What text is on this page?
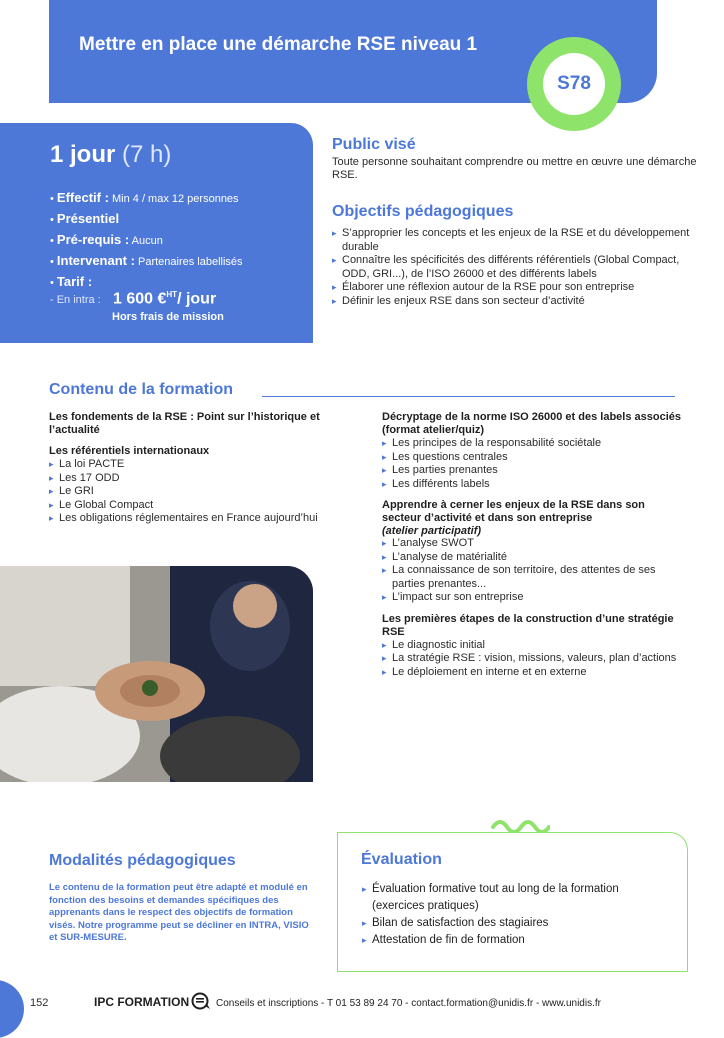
Mettre en place une démarche RSE niveau 1
S78
1 jour (7 h)
• Effectif : Min 4 / max 12 personnes
• Présentiel
• Pré-requis : Aucun
• Intervenant : Partenaires labellisés
• Tarif :
- En intra : 1 600 €$^{HT}$/ jour
Hors frais de mission
Public visé
Toute personne souhaitant comprendre ou mettre en œuvre une démarche RSE.
Objectifs pédagogiques
▸ S’approprier les concepts et les enjeux de la RSE et du développement durable
▸ Connaître les spécificités des différents référentiels (Global Compact, ODD, GRI...), de l’ISO 26000 et des différents labels
▸ Élaborer une réflexion autour de la RSE pour son entreprise
▸ Définir les enjeux RSE dans son secteur d’activité
Contenu de la formation
Les fondements de la RSE : Point sur l’historique et l’actualité
Les référentiels internationaux
▸ La loi PACTE
▸ Les 17 ODD
▸ Le GRI
▸ Le Global Compact
▸ Les obligations réglementaires en France aujourd’hui
Décryptage de la norme ISO 26000 et des labels associés (format atelier/quiz)
▸ Les principes de la responsabilité sociétale
▸ Les questions centrales
▸ Les parties prenantes
▸ Les différents labels
Apprendre à cerner les enjeux de la RSE dans son secteur d’activité et dans son entreprise
(atelier participatif)
▸ L’analyse SWOT
▸ L’analyse de matérialité
▸ La connaissance de son territoire, des attentes de ses parties prenantes...
▸ L’impact sur son entreprise
Les premières étapes de la construction d’une stratégie RSE
▸ Le diagnostic initial
▸ La stratégie RSE : vision, missions, valeurs, plan d’actions
▸ Le déploiement en interne et en externe
Modalités pédagogiques
Le contenu de la formation peut être adapté et modulé en fonction des besoins et demandes spécifiques des apprenants dans le respect des objectifs de formation visés. Notre programme peut se décliner en INTRA, VISIO et SUR-MESURE.
Évaluation
▸ Évaluation formative tout au long de la formation (exercices pratiques)
▸ Bilan de satisfaction des stagiaires
▸ Attestation de fin de formation
152	IPC FORMATION	Conseils et inscriptions - T 01 53 89 24 70 - contact.formation@unidis.fr - www.unidis.fr
